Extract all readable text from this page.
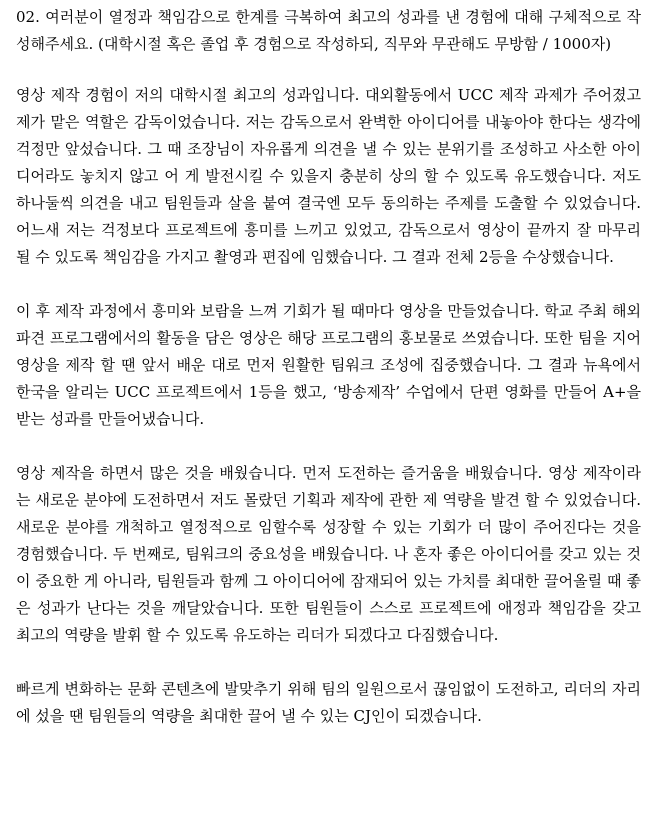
02. 여러분이 열정과 책임감으로 한계를 극복하여 최고의 성과를 낸 경험에 대해 구체적으로 작성해주세요. (대학시절 혹은 졸업 후 경험으로 작성하되, 직무와 무관해도 무방함 / 1000자)

영상 제작 경험이 저의 대학시절 최고의 성과입니다. 대외활동에서 UCC 제작 과제가 주어졌고 제가 맡은 역할은 감독이었습니다. 저는 감독으로서 완벽한 아이디어를 내놓아야 한다는 생각에 걱정만 앞섰습니다. 그 때 조장님이 자유롭게 의견을 낼 수 있는 분위기를 조성하고 사소한 아이디어라도 놓치지 않고 어 게 발전시킬 수 있을지 충분히 상의 할 수 있도록 유도했습니다. 저도 하나둘씩 의견을 내고 팀원들과 살을 붙여 결국엔 모두 동의하는 주제를 도출할 수 있었습니다. 어느새 저는 걱정보다 프로젝트에 흥미를 느끼고 있었고, 감독으로서 영상이 끝까지 잘 마무리 될 수 있도록 책임감을 가지고 촬영과 편집에 임했습니다. 그 결과 전체 2등을 수상했습니다.

이 후 제작 과정에서 흥미와 보람을 느껴 기회가 될 때마다 영상을 만들었습니다. 학교 주최 해외 파견 프로그램에서의 활동을 담은 영상은 해당 프로그램의 홍보물로 쓰였습니다. 또한 팀을 지어 영상을 제작 할 땐 앞서 배운 대로 먼저 원활한 팀워크 조성에 집중했습니다. 그 결과 뉴욕에서 한국을 알리는 UCC 프로젝트에서 1등을 했고, ‘방송제작’ 수업에서 단편 영화를 만들어 A+을 받는 성과를 만들어냈습니다.

영상 제작을 하면서 많은 것을 배웠습니다. 먼저 도전하는 즐거움을 배웠습니다. 영상 제작이라는 새로운 분야에 도전하면서 저도 몰랐던 기획과 제작에 관한 제 역량을 발견 할 수 있었습니다. 새로운 분야를 개척하고 열정적으로 임할수록 성장할 수 있는 기회가 더 많이 주어진다는 것을 경험했습니다. 두 번째로, 팀워크의 중요성을 배웠습니다. 나 혼자 좋은 아이디어를 갖고 있는 것이 중요한 게 아니라, 팀원들과 함께 그 아이디어에 잠재되어 있는 가치를 최대한 끌어올릴 때 좋은 성과가 난다는 것을 깨달았습니다. 또한 팀원들이 스스로 프로젝트에 애정과 책임감을 갖고 최고의 역량을 발휘 할 수 있도록 유도하는 리더가 되겠다고 다짐했습니다.

빠르게 변화하는 문화 콘텐츠에 발맞추기 위해 팀의 일원으로서 끊임없이 도전하고, 리더의 자리에 섰을 땐 팀원들의 역량을 최대한 끌어 낼 수 있는 CJ인이 되겠습니다.
